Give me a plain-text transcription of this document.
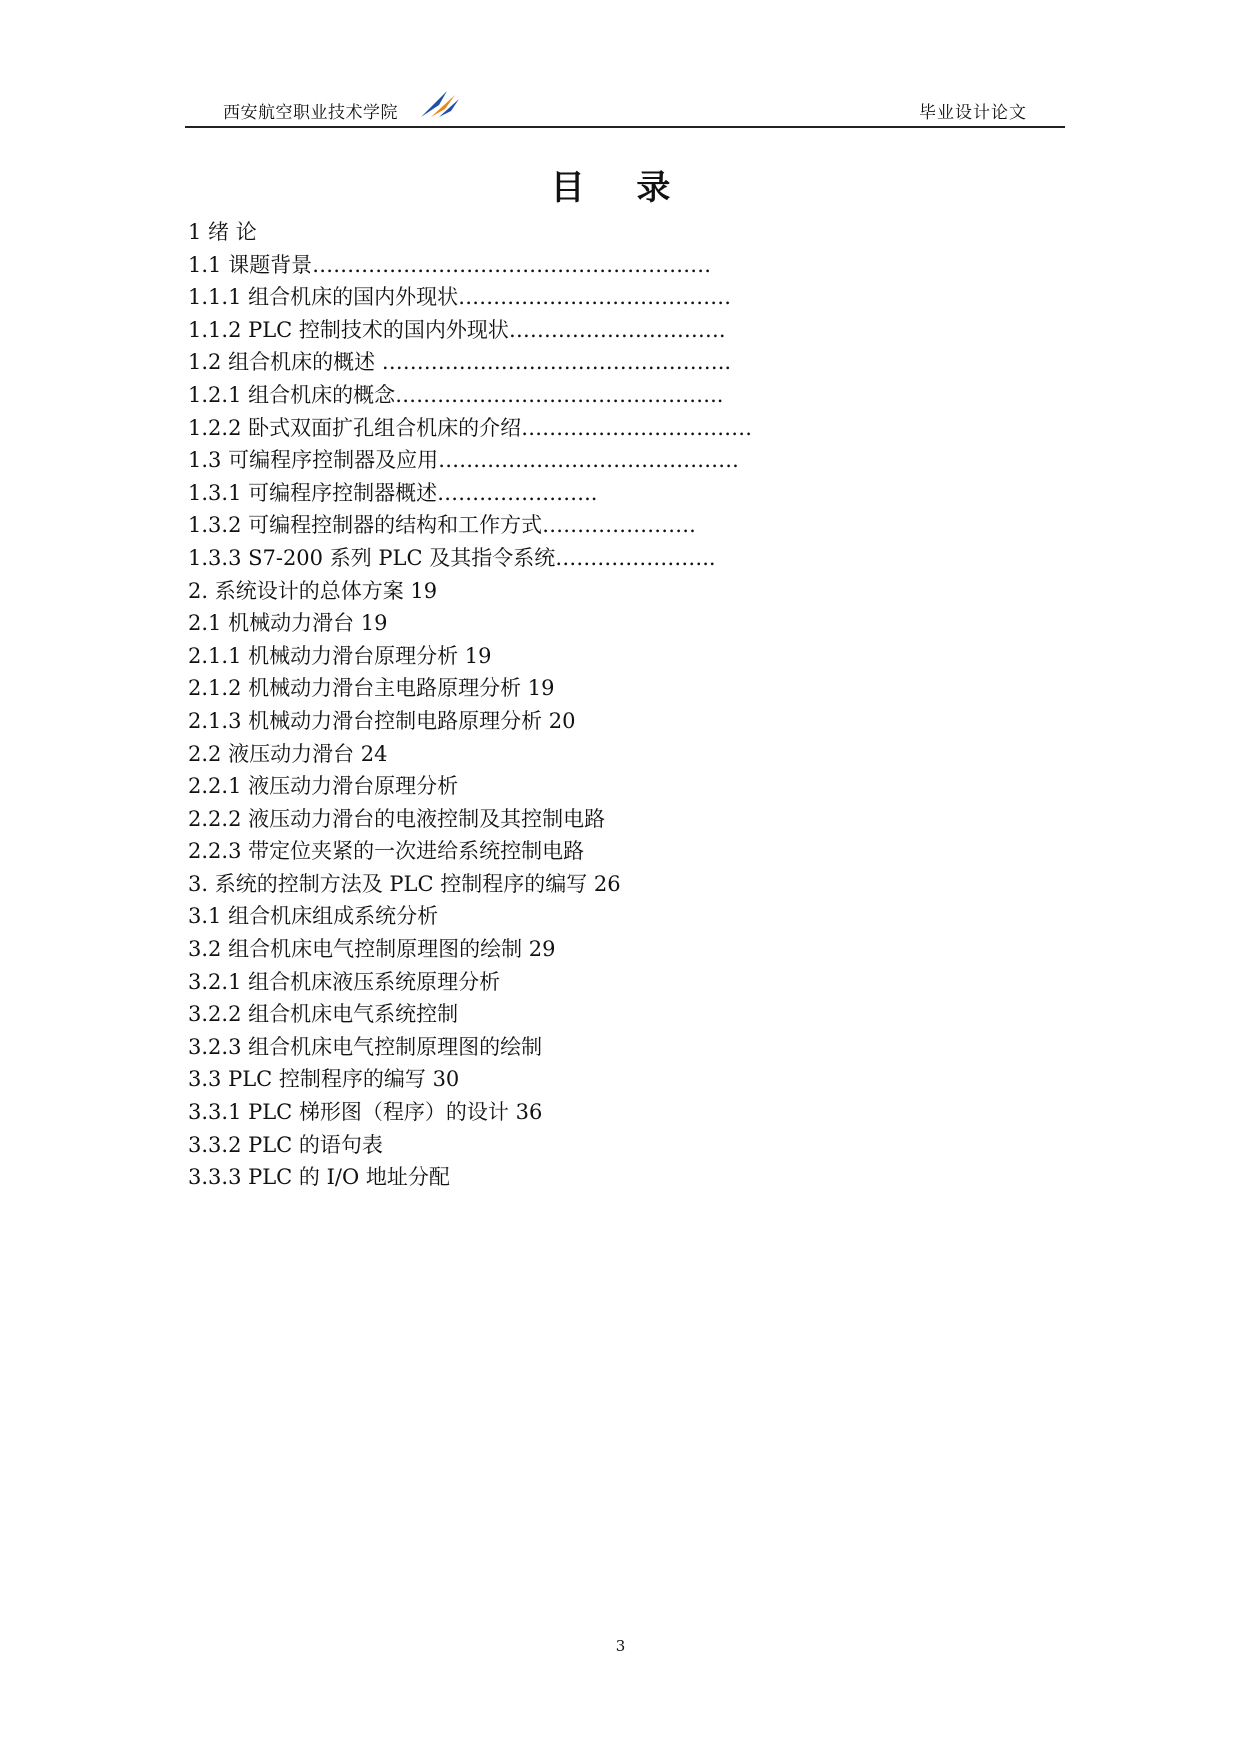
西安航空职业技术学院	毕业设计论文
目 录
1 绪 论
1.1 课题背景…………………………………………………
1.1.1 组合机床的国内外现状…………………………………
1.1.2 PLC 控制技术的国内外现状………………………….
1.2 组合机床的概述 …………………………………………..
1.2.1 组合机床的概念………………………………………..
1.2.2 卧式双面扩孔组合机床的介绍……………………………
1.3 可编程序控制器及应用…………………………………….
1.3.1 可编程序控制器概述…………………..
1.3.2 可编程控制器的结构和工作方式………………….
1.3.3 S7-200 系列 PLC 及其指令系统…………………..
2. 系统设计的总体方案 19
2.1 机械动力滑台 19
2.1.1 机械动力滑台原理分析 19
2.1.2 机械动力滑台主电路原理分析 19
2.1.3 机械动力滑台控制电路原理分析 20
2.2 液压动力滑台 24
2.2.1 液压动力滑台原理分析
2.2.2 液压动力滑台的电液控制及其控制电路
2.2.3 带定位夹紧的一次进给系统控制电路
3. 系统的控制方法及 PLC 控制程序的编写 26
3.1 组合机床组成系统分析
3.2 组合机床电气控制原理图的绘制 29
3.2.1 组合机床液压系统原理分析
3.2.2 组合机床电气系统控制
3.2.3 组合机床电气控制原理图的绘制
3.3 PLC 控制程序的编写 30
3.3.1 PLC 梯形图（程序）的设计 36
3.3.2 PLC 的语句表
3.3.3 PLC 的 I/O 地址分配
3
